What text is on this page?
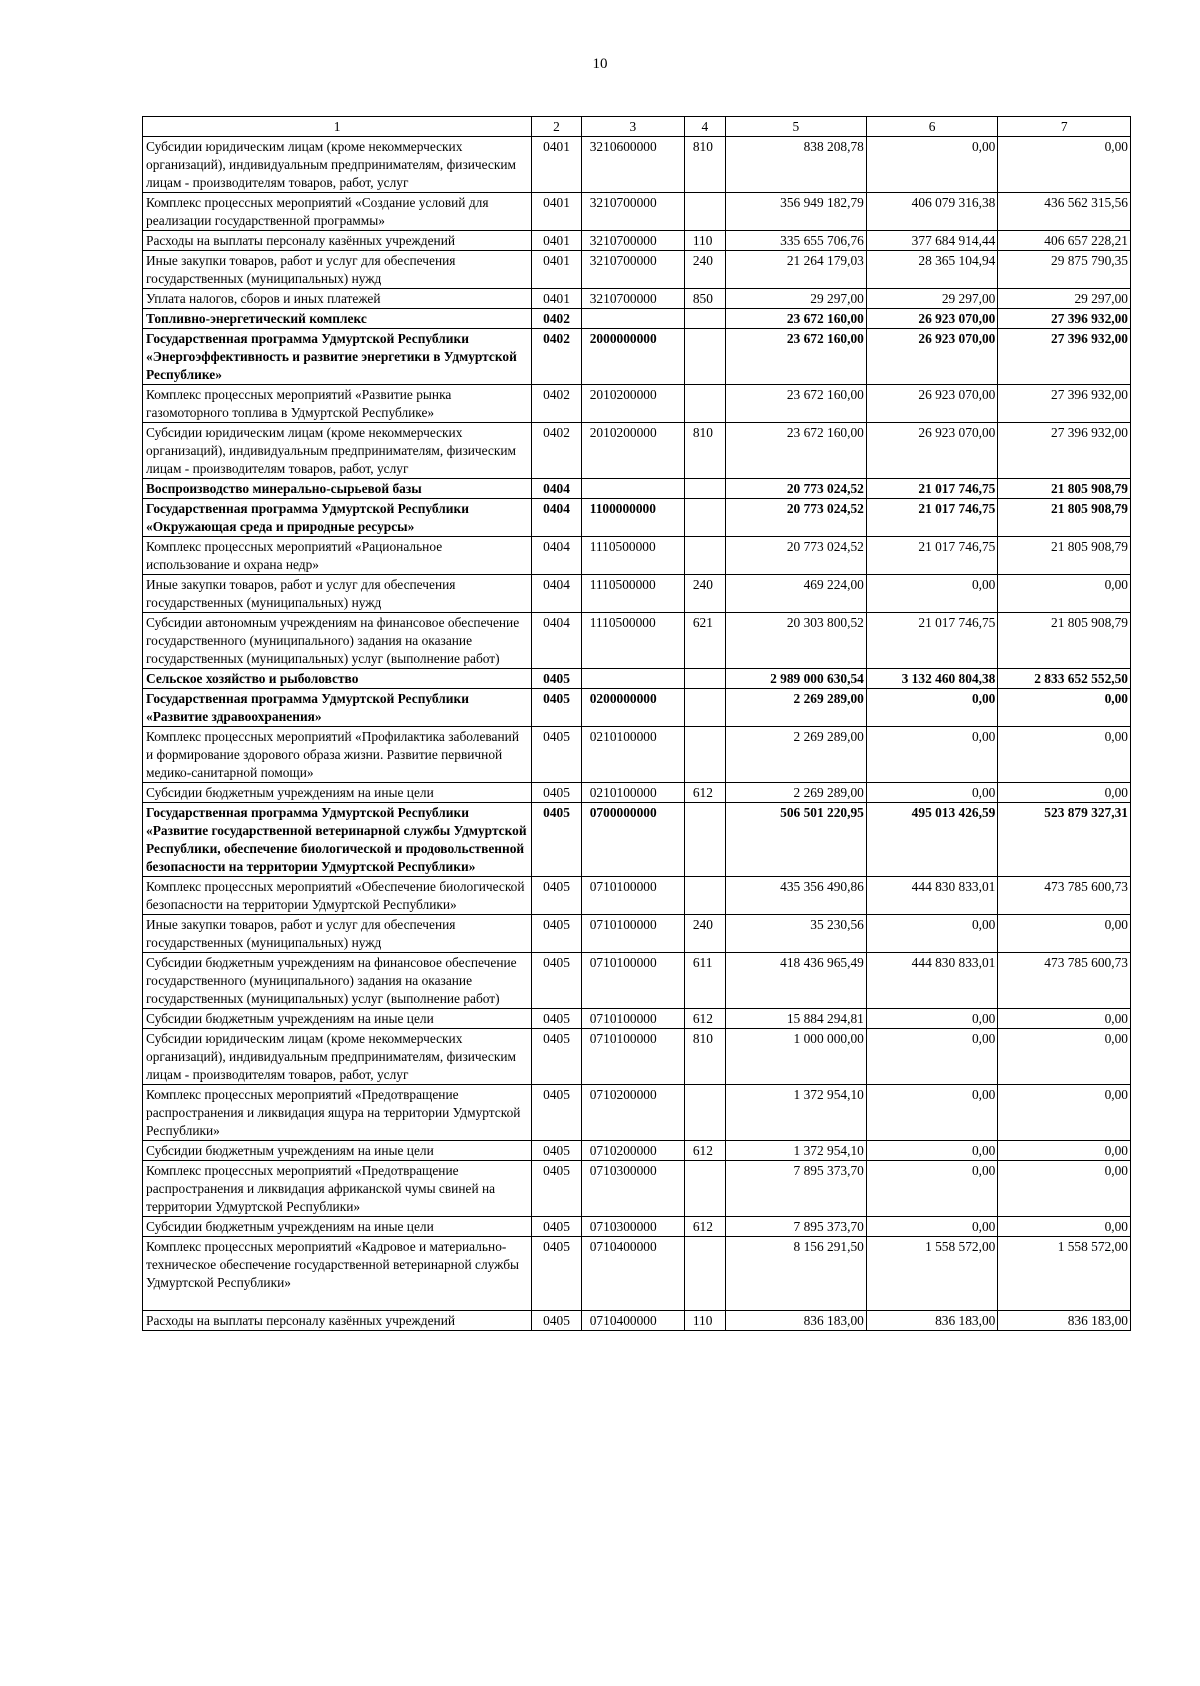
10
1	2	3	4	5	6	7
Субсидии юридическим лицам (кроме некоммерческих организаций), индивидуальным предпринимателям, физическим лицам - производителям товаров, работ, услуг	0401	3210600000	810	838 208,78	0,00	0,00
Комплекс процессных мероприятий «Создание условий для реализации государственной программы»	0401	3210700000		356 949 182,79	406 079 316,38	436 562 315,56
Расходы на выплаты персоналу казённых учреждений	0401	3210700000	110	335 655 706,76	377 684 914,44	406 657 228,21
Иные закупки товаров, работ и услуг для обеспечения государственных (муниципальных) нужд	0401	3210700000	240	21 264 179,03	28 365 104,94	29 875 790,35
Уплата налогов, сборов и иных платежей	0401	3210700000	850	29 297,00	29 297,00	29 297,00
Топливно-энергетический комплекс	0402			23 672 160,00	26 923 070,00	27 396 932,00
Государственная программа Удмуртской Республики «Энергоэффективность и развитие энергетики в Удмуртской Республике»	0402	2000000000		23 672 160,00	26 923 070,00	27 396 932,00
Комплекс процессных мероприятий «Развитие рынка газомоторного топлива в Удмуртской Республике»	0402	2010200000		23 672 160,00	26 923 070,00	27 396 932,00
Субсидии юридическим лицам (кроме некоммерческих организаций), индивидуальным предпринимателям, физическим лицам - производителям товаров, работ, услуг	0402	2010200000	810	23 672 160,00	26 923 070,00	27 396 932,00
Воспроизводство минерально-сырьевой базы	0404			20 773 024,52	21 017 746,75	21 805 908,79
Государственная программа Удмуртской Республики «Окружающая среда и природные ресурсы»	0404	1100000000		20 773 024,52	21 017 746,75	21 805 908,79
Комплекс процессных мероприятий «Рациональное использование и охрана недр»	0404	1110500000		20 773 024,52	21 017 746,75	21 805 908,79
Иные закупки товаров, работ и услуг для обеспечения государственных (муниципальных) нужд	0404	1110500000	240	469 224,00	0,00	0,00
Субсидии автономным учреждениям на финансовое обеспечение государственного (муниципального) задания на оказание государственных (муниципальных) услуг (выполнение работ)	0404	1110500000	621	20 303 800,52	21 017 746,75	21 805 908,79
Сельское хозяйство и рыболовство	0405			2 989 000 630,54	3 132 460 804,38	2 833 652 552,50
Государственная программа Удмуртской Республики «Развитие здравоохранения»	0405	0200000000		2 269 289,00	0,00	0,00
Комплекс процессных мероприятий «Профилактика заболеваний и формирование здорового образа жизни. Развитие первичной медико-санитарной помощи»	0405	0210100000		2 269 289,00	0,00	0,00
Субсидии бюджетным учреждениям на иные цели	0405	0210100000	612	2 269 289,00	0,00	0,00
Государственная программа Удмуртской Республики «Развитие государственной ветеринарной службы Удмуртской Республики, обеспечение биологической и продовольственной безопасности на территории Удмуртской Республики»	0405	0700000000		506 501 220,95	495 013 426,59	523 879 327,31
Комплекс процессных мероприятий «Обеспечение биологической безопасности на территории Удмуртской Республики»	0405	0710100000		435 356 490,86	444 830 833,01	473 785 600,73
Иные закупки товаров, работ и услуг для обеспечения государственных (муниципальных) нужд	0405	0710100000	240	35 230,56	0,00	0,00
Субсидии бюджетным учреждениям на финансовое обеспечение государственного (муниципального) задания на оказание государственных (муниципальных) услуг (выполнение работ)	0405	0710100000	611	418 436 965,49	444 830 833,01	473 785 600,73
Субсидии бюджетным учреждениям на иные цели	0405	0710100000	612	15 884 294,81	0,00	0,00
Субсидии юридическим лицам (кроме некоммерческих организаций), индивидуальным предпринимателям, физическим лицам - производителям товаров, работ, услуг	0405	0710100000	810	1 000 000,00	0,00	0,00
Комплекс процессных мероприятий «Предотвращение распространения и ликвидация ящура на территории Удмуртской Республики»	0405	0710200000		1 372 954,10	0,00	0,00
Субсидии бюджетным учреждениям на иные цели	0405	0710200000	612	1 372 954,10	0,00	0,00
Комплекс процессных мероприятий «Предотвращение распространения и ликвидация африканской чумы свиней на территории Удмуртской Республики»	0405	0710300000		7 895 373,70	0,00	0,00
Субсидии бюджетным учреждениям на иные цели	0405	0710300000	612	7 895 373,70	0,00	0,00
Комплекс процессных мероприятий «Кадровое и материально-техническое обеспечение государственной ветеринарной службы Удмуртской Республики»	0405	0710400000		8 156 291,50	1 558 572,00	1 558 572,00
Расходы на выплаты персоналу казённых учреждений	0405	0710400000	110	836 183,00	836 183,00	836 183,00
